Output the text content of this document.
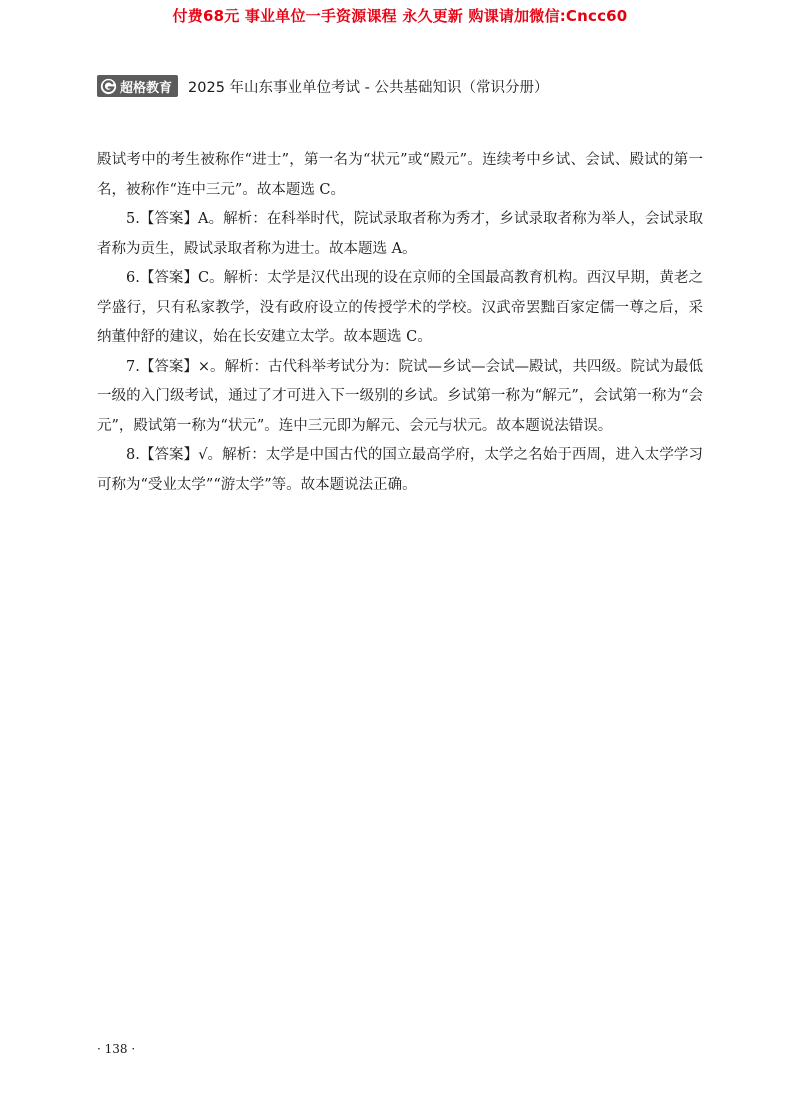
付费68元 事业单位一手资源课程 永久更新 购课请加微信:Cncc60
超格教育 2025 年山东事业单位考试 - 公共基础知识（常识分册）

殿试考中的考生被称作“进士”，第一名为“状元”或“殿元”。连续考中乡试、会试、殿试的第一名，被称作“连中三元”。故本题选 C。

5.【答案】A。解析：在科举时代，院试录取者称为秀才，乡试录取者称为举人，会试录取者称为贡生，殿试录取者称为进士。故本题选 A。

6.【答案】C。解析：太学是汉代出现的设在京师的全国最高教育机构。西汉早期，黄老之学盛行，只有私家教学，没有政府设立的传授学术的学校。汉武帝罢黜百家定儒一尊之后，采纳董仲舒的建议，始在长安建立太学。故本题选 C。

7.【答案】×。解析：古代科举考试分为：院试—乡试—会试—殿试，共四级。院试为最低一级的入门级考试，通过了才可进入下一级别的乡试。乡试第一称为“解元”，会试第一称为“会元”，殿试第一称为“状元”。连中三元即为解元、会元与状元。故本题说法错误。

8.【答案】√。解析：太学是中国古代的国立最高学府，太学之名始于西周，进入太学学习可称为“受业太学”“游太学”等。故本题说法正确。

· 138 ·
